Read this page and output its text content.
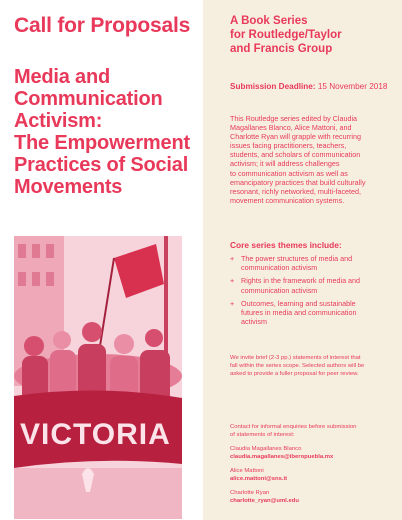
Call for Proposals
Media and
Communication
Activism:
The Empowerment
Practices of Social
Movements
VICTORIA
A Book Series
for Routledge/Taylor
and Francis Group
Submission Deadline: 15 November 2018
This Routledge series edited by Claudia
Magallanes Blanco, Alice Mattoni, and
Charlotte Ryan will grapple with recurring
issues facing practitioners, teachers,
students, and scholars of communication
activism; it will address challenges
to communication activism as well as
emancipatory practices that build culturally
resonant, richly networked, multi-faceted,
movement communication systems.
Core series themes include:
+ The power structures of media and
communication activism
+ Rights in the framework of media and
communication activism
+ Outcomes, learning and sustainable
futures in media and communication
activism
We invite brief (2-3 pp.) statements of interest that
fall within the series scope. Selected authors will be
asked to provide a fuller proposal for peer review.
Contact for informal enquiries before submission
of statements of interest:
Claudia Magallanes Blanco
claudia.magallanes@iberopuebla.mx
Alice Mattoni
alice.mattoni@sns.it
Charlotte Ryan
charlotte_ryan@uml.edu
